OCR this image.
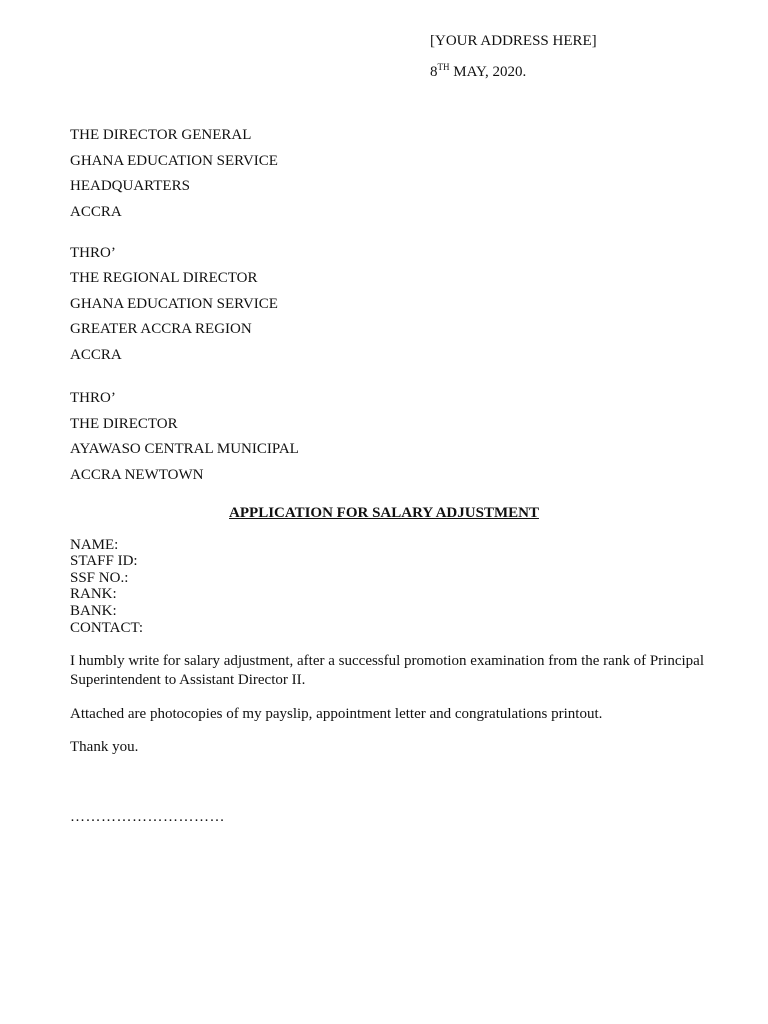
[YOUR ADDRESS HERE]
8TH MAY, 2020.
THE DIRECTOR GENERAL
GHANA EDUCATION SERVICE
HEADQUARTERS
ACCRA
THRO’
THE REGIONAL DIRECTOR
GHANA EDUCATION SERVICE
GREATER ACCRA REGION
ACCRA
THRO’
THE DIRECTOR
AYAWASO CENTRAL MUNICIPAL
ACCRA NEWTOWN
APPLICATION FOR SALARY ADJUSTMENT
NAME:
STAFF ID:
SSF NO.:
RANK:
BANK:
CONTACT:
I humbly write for salary adjustment, after a successful promotion examination from the rank of Principal Superintendent to Assistant Director II.
Attached are photocopies of my payslip, appointment letter and congratulations printout.
Thank you.
…………………………
